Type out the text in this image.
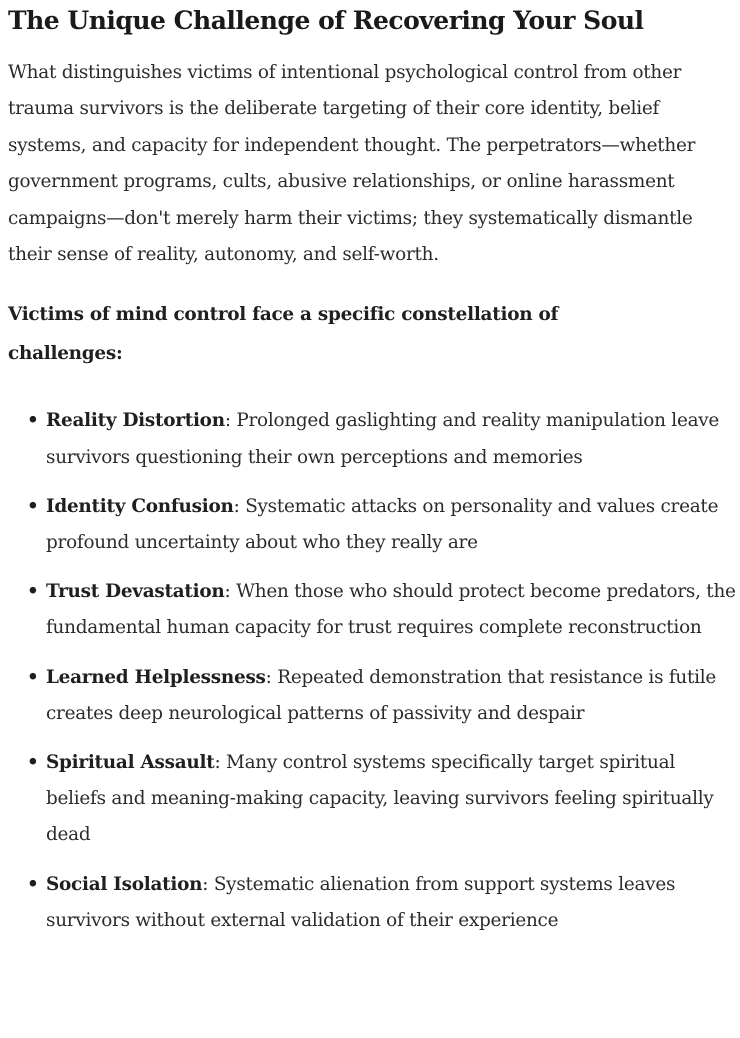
The Unique Challenge of Recovering Your Soul

What distinguishes victims of intentional psychological control from other trauma survivors is the deliberate targeting of their core identity, belief systems, and capacity for independent thought. The perpetrators—whether government programs, cults, abusive relationships, or online harassment campaigns—don't merely harm their victims; they systematically dismantle their sense of reality, autonomy, and self-worth.

Victims of mind control face a specific constellation of challenges:

• Reality Distortion: Prolonged gaslighting and reality manipulation leave survivors questioning their own perceptions and memories
• Identity Confusion: Systematic attacks on personality and values create profound uncertainty about who they really are
• Trust Devastation: When those who should protect become predators, the fundamental human capacity for trust requires complete reconstruction
• Learned Helplessness: Repeated demonstration that resistance is futile creates deep neurological patterns of passivity and despair
• Spiritual Assault: Many control systems specifically target spiritual beliefs and meaning-making capacity, leaving survivors feeling spiritually dead
• Social Isolation: Systematic alienation from support systems leaves survivors without external validation of their experience
